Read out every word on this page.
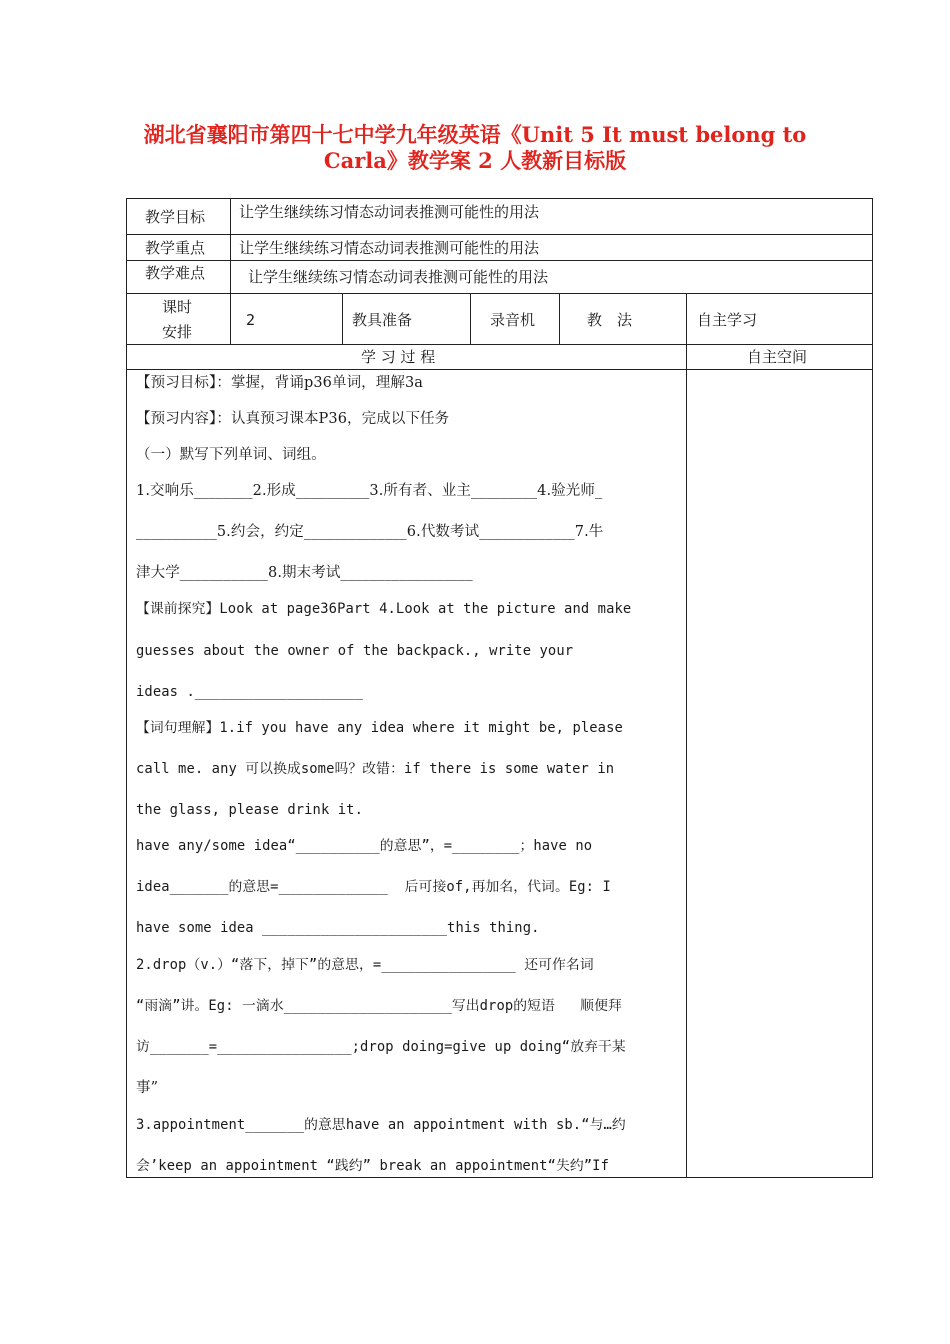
湖北省襄阳市第四十七中学九年级英语《Unit 5 It must belong to
Carla》教学案 2 人教新目标版
教学目标 让学生继续练习情态动词表推测可能性的用法
教学重点 让学生继续练习情态动词表推测可能性的用法
教学难点	让学生继续练习情态动词表推测可能性的用法
课时
安排
2	教具准备	录音机	教　法	自主学习
学 习 过 程	自主空间
【预习目标】：掌握，背诵p36单词，理解3a
【预习内容】：认真预习课本P36，完成以下任务
（一）默写下列单词、词组。
1.交响乐________2.形成__________3.所有者、业主_________4.验光师_
___________5.约会，约定______________6.代数考试_____________7.牛
津大学____________8.期末考试__________________
【课前探究】Look at page36Part 4.Look at the picture and make
guesses about the owner of the backpack., write your
ideas .____________________
【词句理解】1.if you have any idea where it might be, please
call me. any 可以换成some吗？改错：if there is some water in
the glass, please drink it.
have any/some idea“__________的意思”，=________；have no
idea_______的意思=_____________  后可接of,再加名，代词。Eg: I
have some idea ______________________this thing.
2.drop（v.）“落下，掉下”的意思，=________________ 还可作名词
“雨滴”讲。Eg: 一滴水____________________写出drop的短语   顺便拜
访_______=________________;drop doing=give up doing“放弃干某
事”
3.appointment_______的意思have an appointment with sb.“与…约
会’keep an appointment “践约” break an appointment“失约”If
